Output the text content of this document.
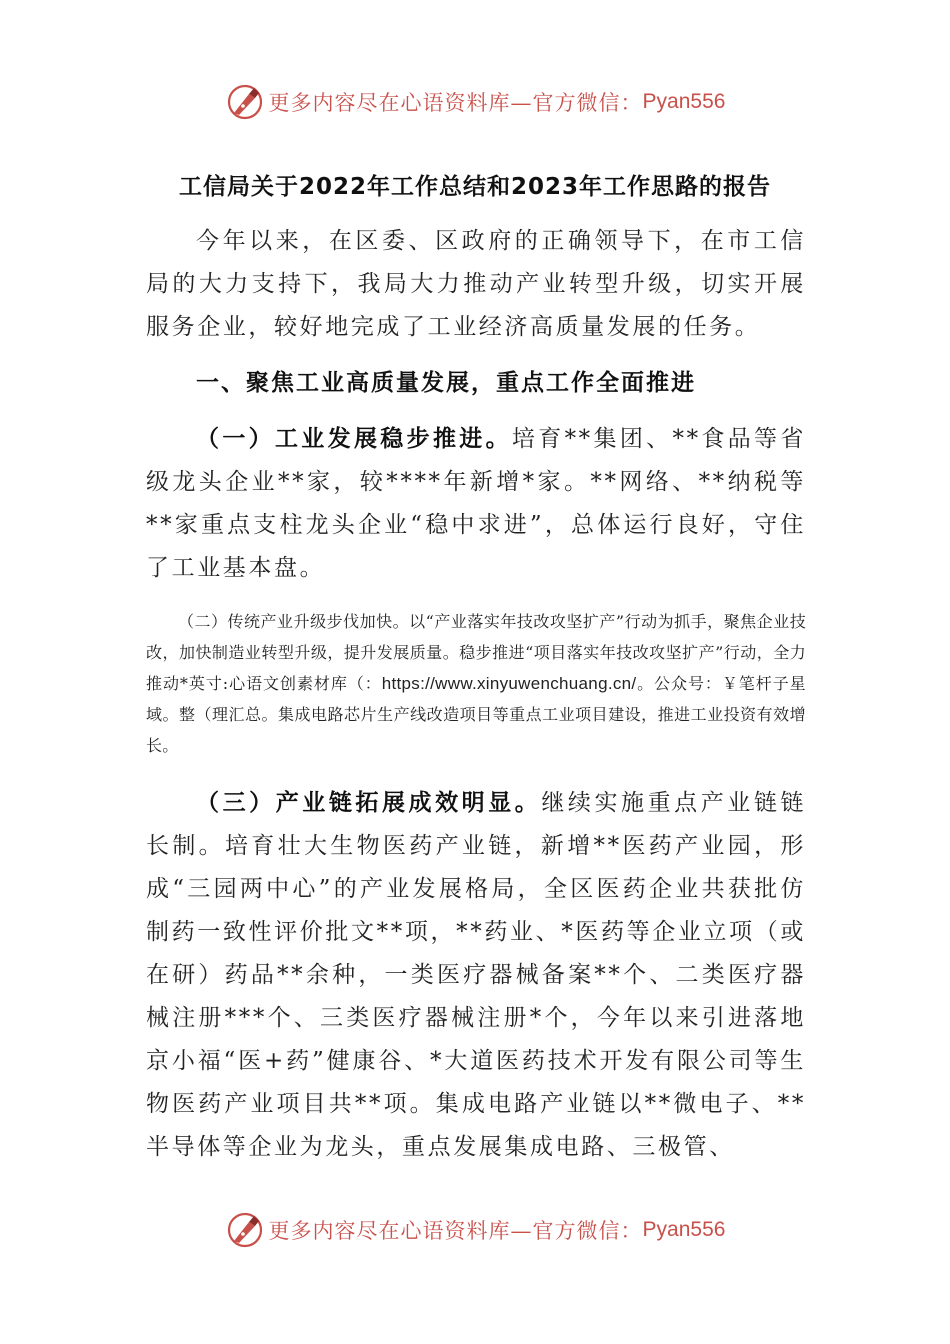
更多内容尽在心语资料库—官方微信： Pyan556
工信局关于2022年工作总结和2023年工作思路的报告

今年以来，在区委、区政府的正确领导下，在市工信局的大力支持下，我局大力推动产业转型升级，切实开展服务企业，较好地完成了工业经济高质量发展的任务。

一、聚焦工业高质量发展，重点工作全面推进

（一）工业发展稳步推进。培育**集团、**食品等省级龙头企业**家，较****年新增*家。**网络、**纳税等**家重点支柱龙头企业“稳中求进”，总体运行良好，守住了工业基本盘。

（二）传统产业升级步伐加快。以“产业落实年技改攻坚扩产”行动为抓手，聚焦企业技改，加快制造业转型升级，提升发展质量。稳步推进“项目落实年技改攻坚扩产”行动，全力推动*英寸:心语文创素材库（：https://www.xinyuwenchuang.cn/。公众号：￥笔杆子星域。整（理汇总。集成电路芯片生产线改造项目等重点工业项目建设，推进工业投资有效增长。

（三）产业链拓展成效明显。继续实施重点产业链链长制。培育壮大生物医药产业链，新增**医药产业园，形成“三园两中心”的产业发展格局，全区医药企业共获批仿制药一致性评价批文**项，**药业、*医药等企业立项（或在研）药品**余种，一类医疗器械备案**个、二类医疗器械注册***个、三类医疗器械注册*个，今年以来引进落地京小福“医+药”健康谷、*大道医药技术开发有限公司等生物医药产业项目共**项。集成电路产业链以**微电子、**半导体等企业为龙头，重点发展集成电路、三极管、

更多内容尽在心语资料库—官方微信： Pyan556
